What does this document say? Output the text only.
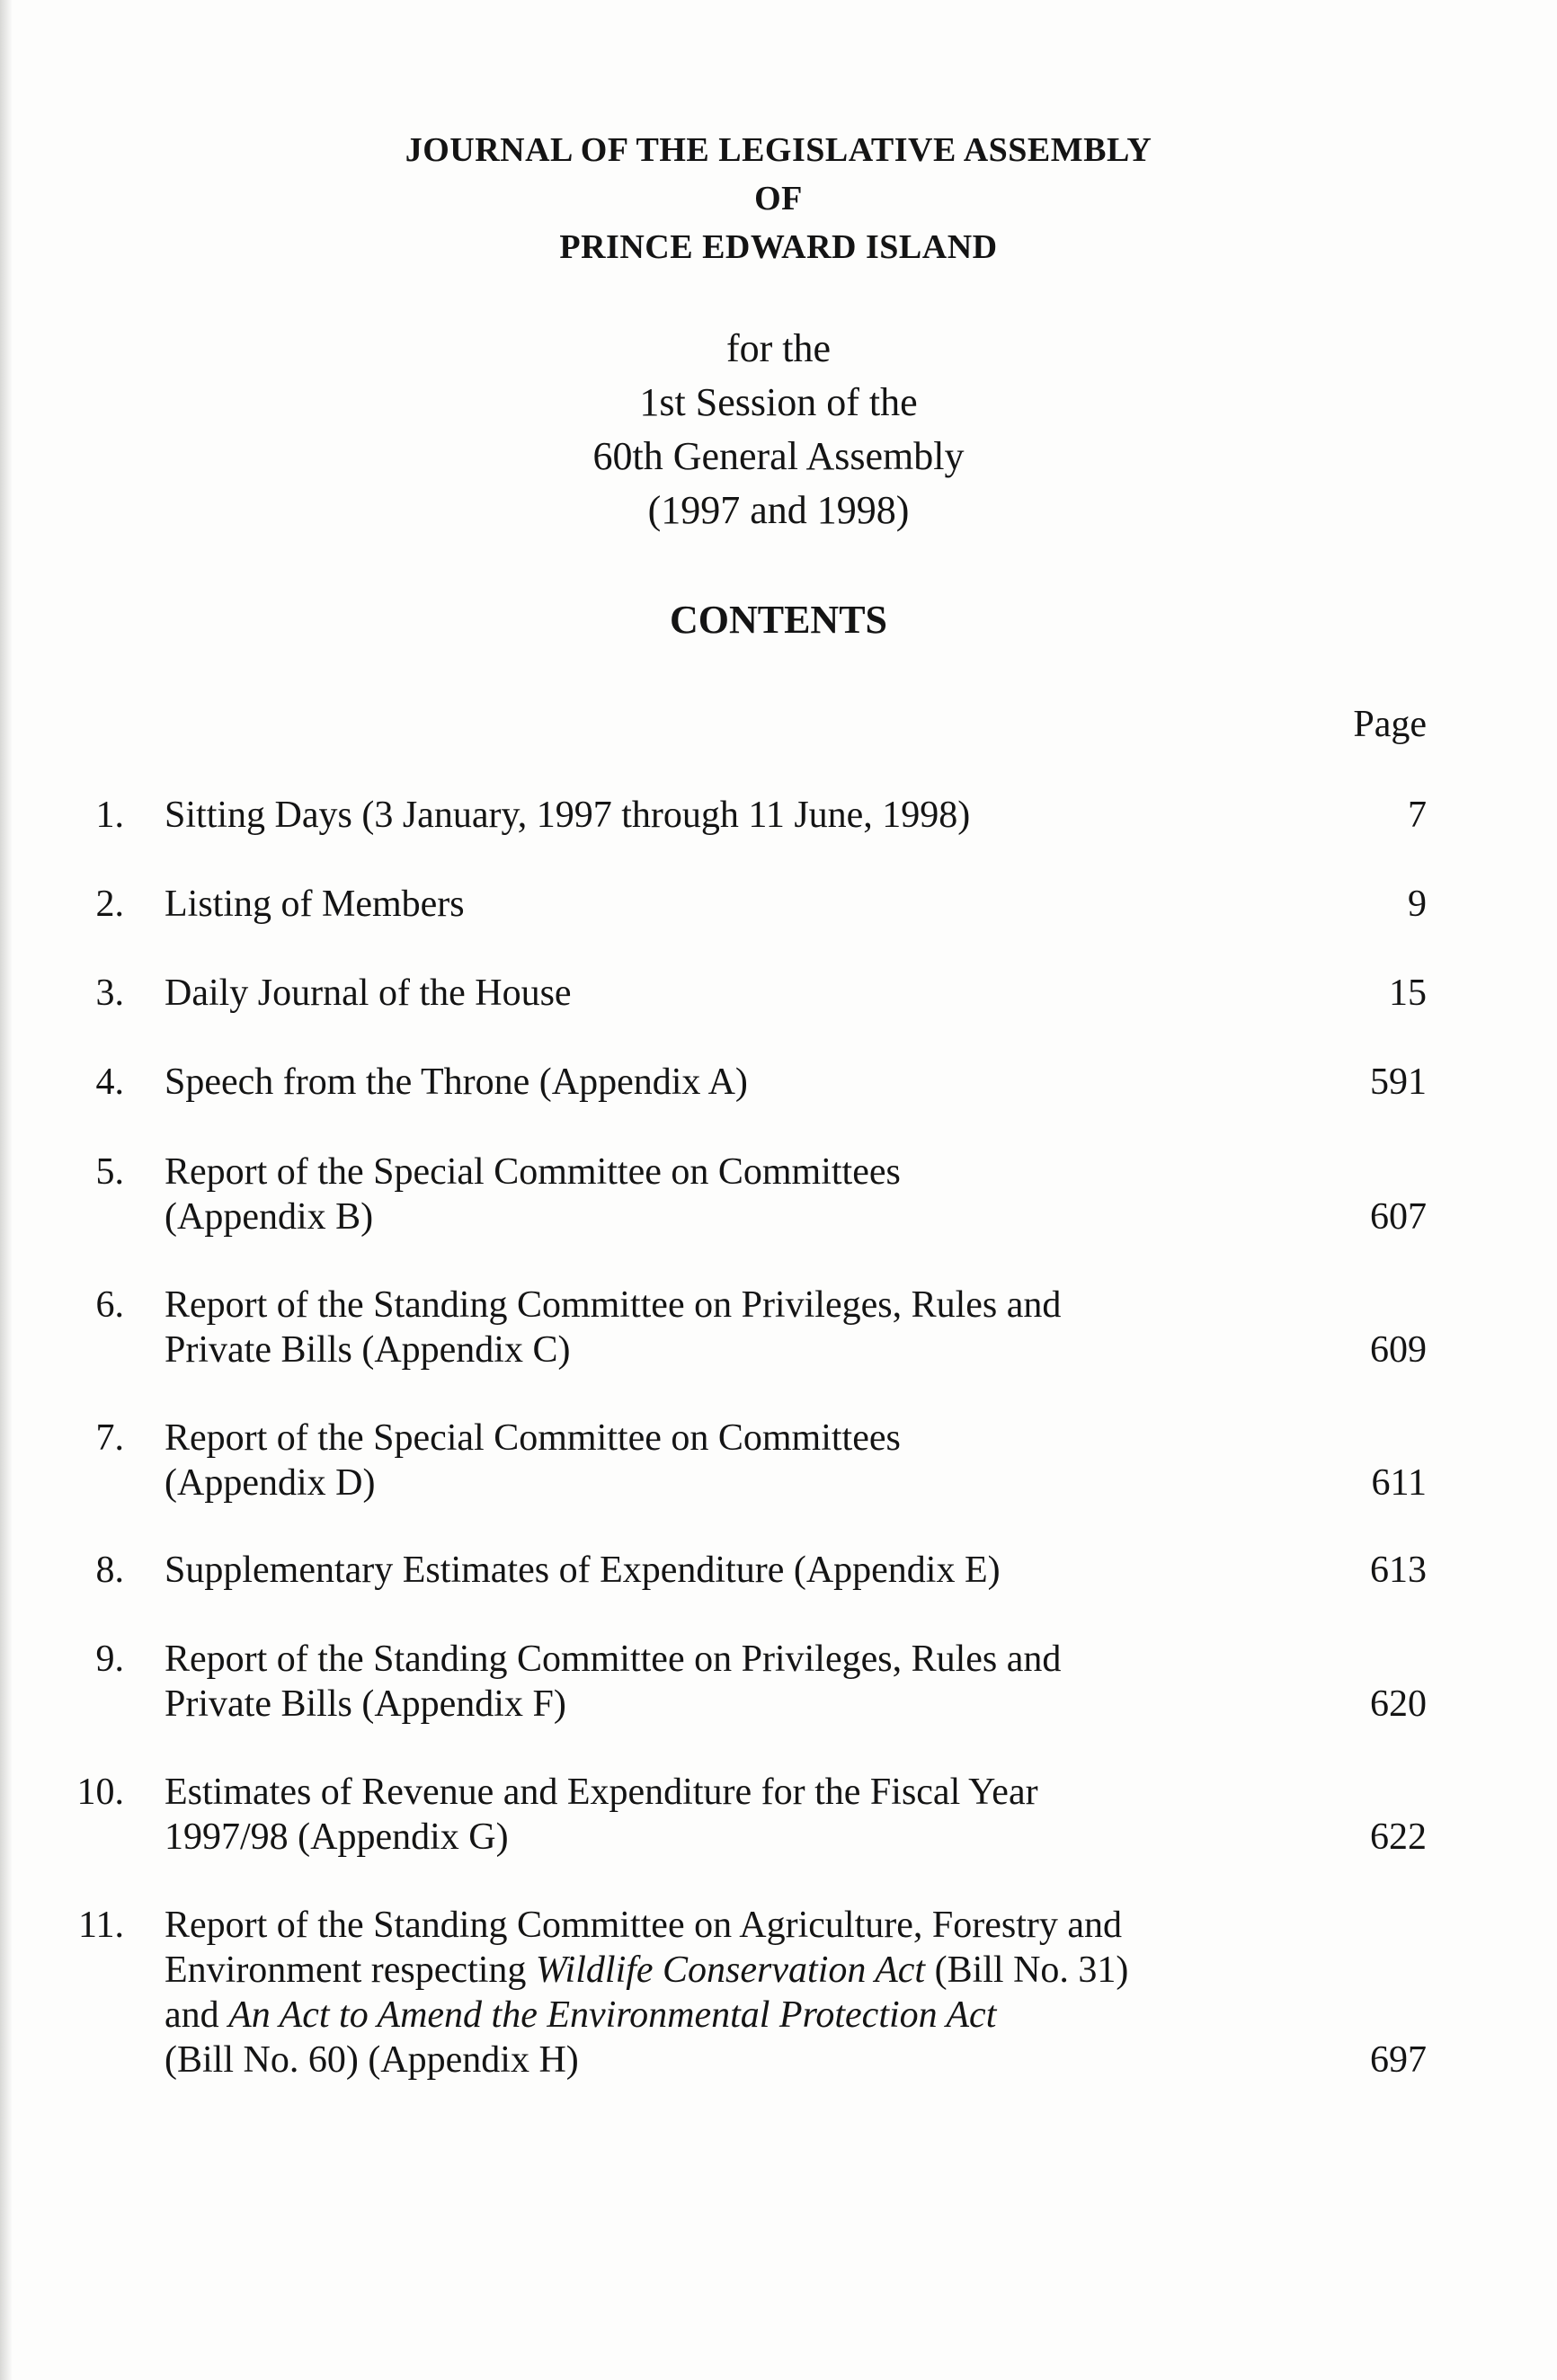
JOURNAL OF THE LEGISLATIVE ASSEMBLY
OF
PRINCE EDWARD ISLAND
for the
1st Session of the
60th General Assembly
(1997 and 1998)
CONTENTS
Page
1. Sitting Days (3 January, 1997 through 11 June, 1998)	7
2. Listing of Members	9
3. Daily Journal of the House	15
4. Speech from the Throne (Appendix A)	591
5. Report of the Special Committee on Committees
(Appendix B)	607
6. Report of the Standing Committee on Privileges, Rules and
Private Bills (Appendix C)	609
7. Report of the Special Committee on Committees
(Appendix D)	611
8. Supplementary Estimates of Expenditure (Appendix E)	613
9. Report of the Standing Committee on Privileges, Rules and
Private Bills (Appendix F)	620
10. Estimates of Revenue and Expenditure for the Fiscal Year
1997/98 (Appendix G)	622
11. Report of the Standing Committee on Agriculture, Forestry and
Environment respecting Wildlife Conservation Act (Bill No. 31)
and An Act to Amend the Environmental Protection Act
(Bill No. 60) (Appendix H)	697
